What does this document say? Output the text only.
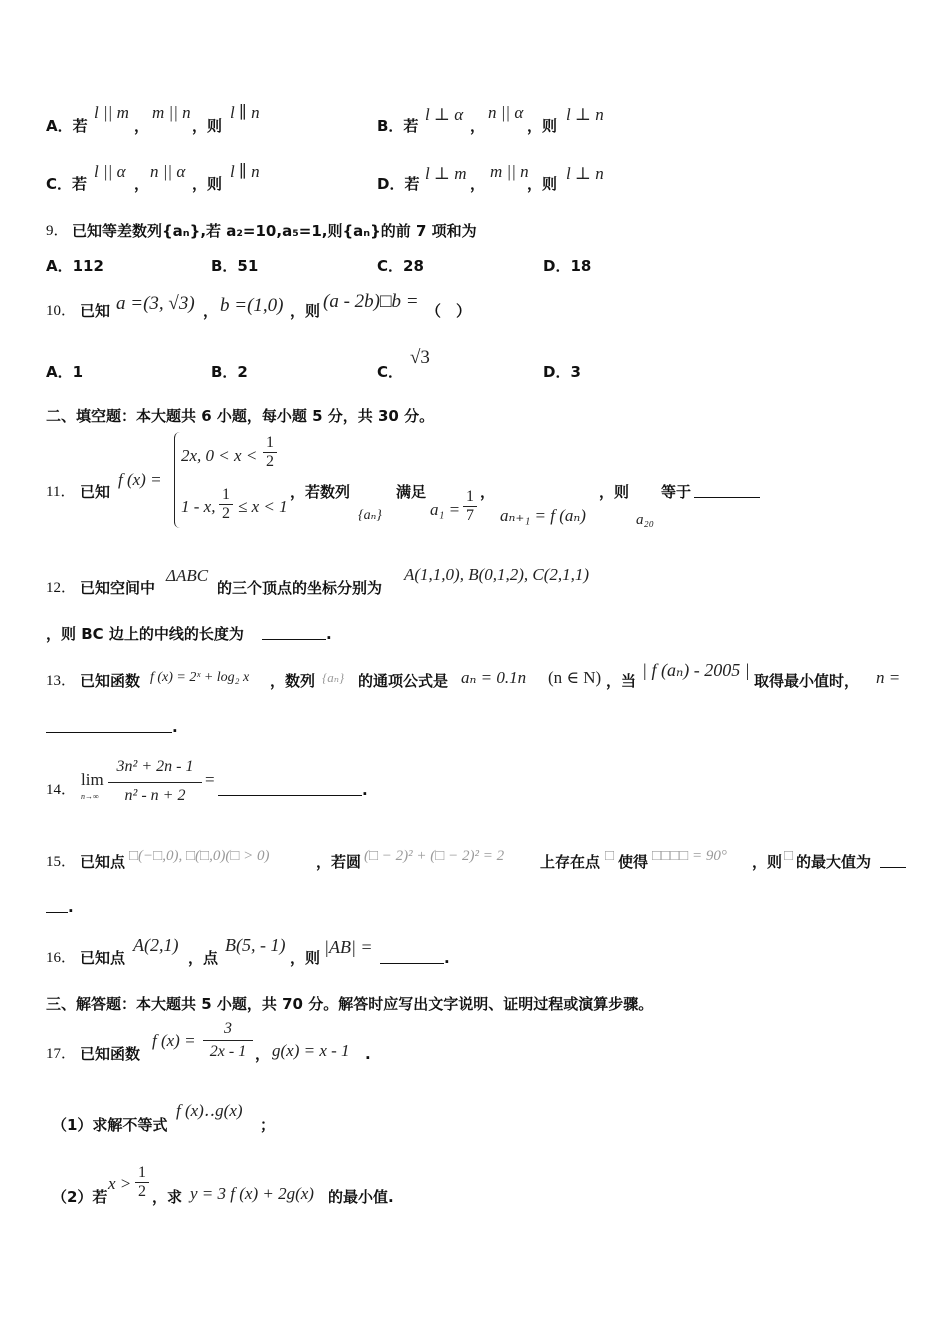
A．若
l || m
，
m || n
，则
l ∥ n
B．若
l ⊥ α
，
n || α
，则
l ⊥ n
C．若
l || α
，
n || α
，则
l ∥ n
D．若
l ⊥ m
，
m || n
，则
l ⊥ n
9． 已知等差数列{aₙ},若 a₂=10,a₅=1,则{aₙ}的前 7 项和为
A．112	B．51	C．28	D．18
10． 已知 a =(3, √3) ， b =(1,0) ，则 (a - 2b)□b = （　）
A．1	B．2	C．
√3
D．3
二、填空题：本大题共 6 小题，每小题 5 分，共 30 分。
11． 已知
f (x) =
2x, $0 < x < \frac{1}{2}$
1 - x, $\frac{1}{2} \le x < 1$
，若数列
{aₙ}
满足
$a_1 = \frac{1}{7}$ ，
aₙ₊₁ = f (aₙ)
，则
a₂₀
等于
12． 已知空间中
ΔABC
的三个顶点的坐标分别为
A(1,1,0), B(0,1,2), C(2,1,1)
，则 BC 边上的中线的长度为	.
13． 已知函数 f (x) = 2ˣ + log₂ x ，数列 {aₙ} 的通项公式是 aₙ = 0.1n (n ∈ N) ，当
| f (aₙ) - 2005 |
取得最小值时， n =
.
14．
lim
$n\to\infty \frac{\text{3n² + 2n - 1}}{\text{n² - n + 2}}$ =
.
15． 已知点 □(−□,0), □(□,0)(□ > 0)	，若圆 (□ − 2)² + (□ − 2)² = 2 上存在点 □ 使得 □□□□ = 90° ，则 □ 的最大值为
.
16． 已知点
A(2,1)
，点
B(5, - 1)
，则
|AB| =
.
三、解答题：本大题共 5 小题，共 70 分。解答时应写出文字说明、证明过程或演算步骤。
17． 已知函数
f $(x) = \frac{3}{2x - 1}$ ， g(x) = x - 1 .
（1）求解不等式
f (x)‥g(x)
；
（2）若
$x > \frac{1}{2}$ ，求 y = 3 f (x) + 2g(x) 的最小值.
